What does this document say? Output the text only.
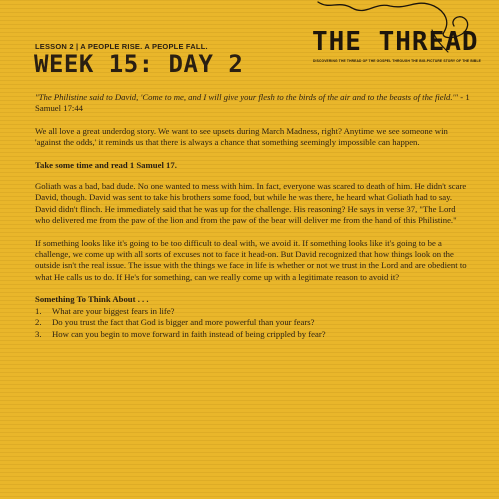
LESSON 2 | A PEOPLE RISE. A PEOPLE FALL.
WEEK 15: DAY 2
THE THREAD
DISCOVERING THE THREAD OF THE GOSPEL THROUGH THE BIG-PICTURE STORY OF THE BIBLE

"The Philistine said to David, 'Come to me, and I will give your flesh to the birds of the air and to the beasts of the field.'" - 1 Samuel 17:44

We all love a great underdog story. We want to see upsets during March Madness, right? Anytime we see someone win 'against the odds,' it reminds us that there is always a chance that something seemingly impossible can happen.

Take some time and read 1 Samuel 17.

Goliath was a bad, bad dude. No one wanted to mess with him. In fact, everyone was scared to death of him. He didn't scare David, though. David was sent to take his brothers some food, but while he was there, he heard what Goliath had to say. David didn't flinch. He immediately said that he was up for the challenge. His reasoning? He says in verse 37, "The Lord who delivered me from the paw of the lion and from the paw of the bear will deliver me from the hand of this Philistine."

If something looks like it's going to be too difficult to deal with, we avoid it. If something looks like it's going to be a challenge, we come up with all sorts of excuses not to face it head-on. But David recognized that how things look on the outside isn't the real issue. The issue with the things we face in life is whether or not we trust in the Lord and are obedient to what He calls us to do. If He's for something, can we really come up with a legitimate reason to avoid it?

Something To Think About . . .

1.	What are your biggest fears in life?
2.	Do you trust the fact that God is bigger and more powerful than your fears?
3.	How can you begin to move forward in faith instead of being crippled by fear?
